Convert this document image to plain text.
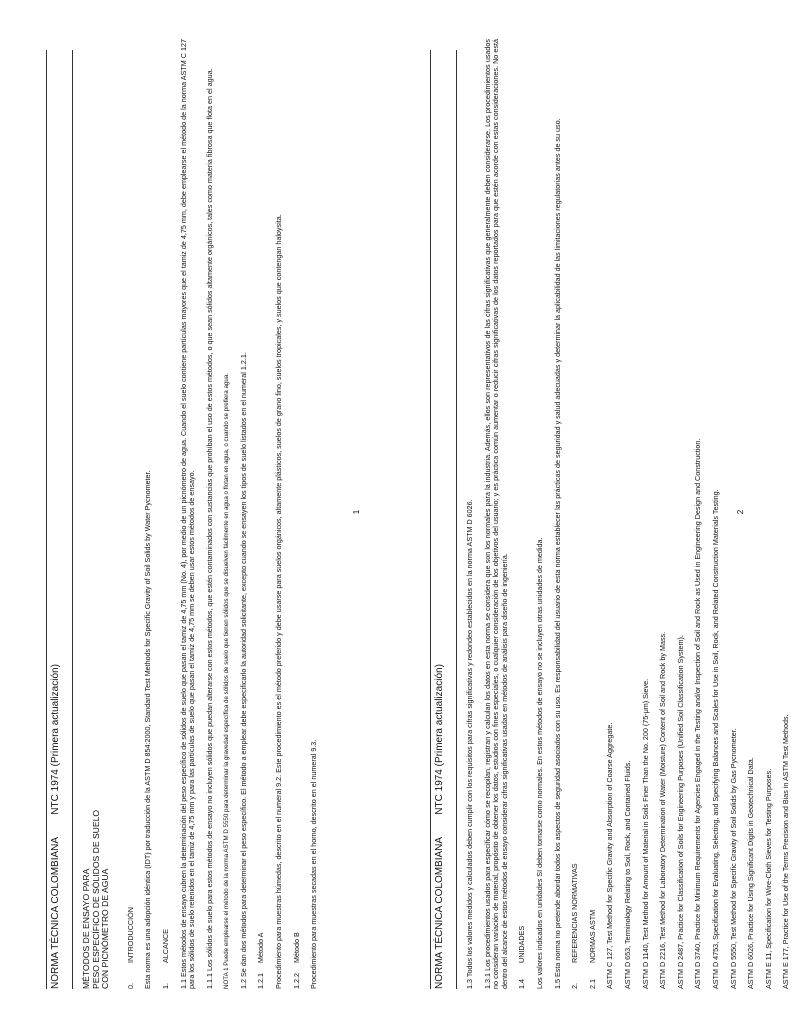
NORMA TÉCNICA COLOMBIANA NTC 1974 (Primera actualización)
MÉTODOS DE ENSAYO PARA PESO ESPECÍFICO DE SÓLIDOS DE SUELO CON PICNÓMETRO DE AGUA 0.INTRODUCCIÓN Esta norma es una adopción idéntica (IDT) por traducción de la ASTM D 854:2000, Standard Test Methods for Specific Gravity of Soil Solids by Water Pycnometer. 1.ALCANCE 1.1 Estos métodos de ensayo cubren la determinación del peso específico de sólidos de suelo que pasan el tamiz de 4,75 mm (No. 4), por medio de un picnómetro de agua. Cuando el suelo contiene partículas mayores que el tamiz de 4,75 mm, debe emplearse el método de la norma ASTM C 127 para los sólidos de suelo retenidos en el tamiz de 4,75 mm y para las partículas de suelo que pasan el tamiz de 4,75 mm se deben usar estos métodos de ensayo. 1.1.1 Los sólidos de suelo para estos métodos de ensayo no incluyen sólidos que puedan alterarse con estos métodos, que estén contaminados con sustancias que prohíban el uso de estos métodos, o que sean sólidos altamente orgánicos, tales como materia fibrosa que flota en el agua. NOTA 1 Puede emplearse el método de la norma ASTM D 5550 para determinar la gravedad específica de sólidos de suelo que tienen sólidos que se disuelven fácilmente en agua o flotan en agua, o cuando se prefiera agua. 1.2 Se dan dos métodos para determinar el peso específico. El método a emplear debe especificarlo la autoridad solicitante, excepto cuando se ensayen los tipos de suelo listados en el numeral 1.2.1. 1.2.1Método A Procedimiento para muestras húmedas, descrito en el numeral 9.2. Este procedimiento es el método preferido y debe usarse para suelos orgánicos, altamente plásticos, suelos de grano fino, suelos tropicales, y suelos que contengan haloysita. 1.2.2Método B Procedimiento para muestras secadas en el horno, descrito en el numeral 9.3.

1
NORMA TÉCNICA COLOMBIANA NTC 1974 (Primera actualización)	1.3 Todos los valores medidos y calculados deben cumplir con los requisitos para cifras significativas y redondeo establecidos en la norma ASTM D 6026. 1.3.1 Los procedimientos usados para especificar cómo se recopilan, registran y calculan los datos en esta norma se considera que son los normales para la industria. Además, ellos son representativos de las cifras significativas que generalmente deben considerarse. Los procedimientos usados no consideran variación de material, propósito de obtener los datos, estudios con fines especiales, o cualquier consideración de los objetivos del usuario; y es práctica común aumentar o reducir cifras significativas de los datos reportados para que estén acorde con estas consideraciones. No está dentro del alcance de estos métodos de ensayo considerar cifras significativas usadas en métodos de análisis para diseño de ingeniería. 1.4UNIDADES Los valores indicados en unidades SI deben tomarse como normales. En estos métodos de ensayo no se incluyen otras unidades de medida. 1.5 Esta norma no pretende abordar todos los aspectos de seguridad asociados con su uso. Es responsabilidad del usuario de esta norma establecer las prácticas de seguridad y salud adecuadas y determinar la aplicabilidad de las limitaciones regulatorias antes de su uso. 2.REFERENCIAS NORMATIVAS
2.1NORMAS ASTM ASTM C 127, Test Method for Specific Gravity and Absorption of Coarse Aggregate. ASTM D 653, Terminology Relating to Soil, Rock, and Contained Fluids. ASTM D 1140, Test Method for Amount of Material in Soils Finer Than the No. 200 (75-μm) Sieve. ASTM D 2216, Test Method for Laboratory Determination of Water (Moisture) Content of Soil and Rock by Mass. ASTM D 2487, Practice for Classification of Soils for Engineering Purposes (Unified Soil Classification System). ASTM D 3740, Practice for Minimum Requirements for Agencies Engaged in the Testing and/or Inspection of Soil and Rock as Used in Engineering Design and Construction. ASTM D 4753, Specification for Evaluating, Selecting, and Specifying Balances and Scales for Use in Soil, Rock, and Related Construction Materials Testing. ASTM D 5550, Test Method for Specific Gravity of Soil Solids by Gas Pycnometer. ASTM D 6026, Practice for Using Significant Digits in Geotechnical Data. ASTM E 11, Specification for Wire-Cloth Sieves for Testing Purposes. ASTM E 177, Practice for Use of the Terms Precision and Bias in ASTM Test Methods.

2
